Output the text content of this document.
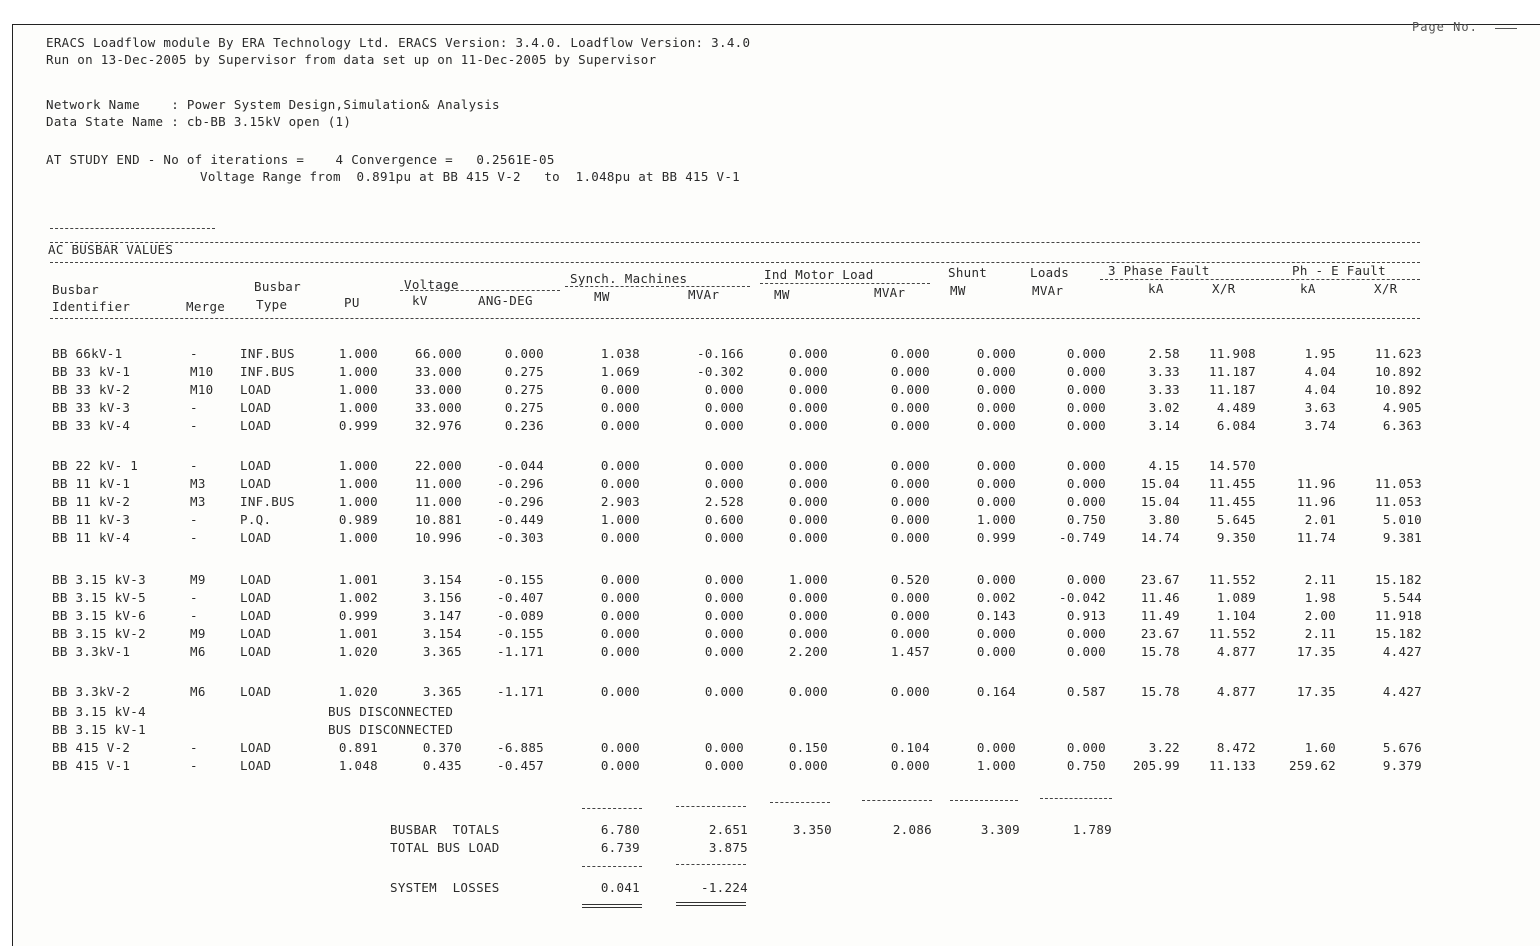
Page No.
ERACS Loadflow module By ERA Technology Ltd. ERACS Version: 3.4.0. Loadflow Version: 3.4.0
Run on 13-Dec-2005 by Supervisor from data set up on 11-Dec-2005 by Supervisor
Network Name    : Power System Design,Simulation& Analysis
Data State Name : cb-BB 3.15kV open (1)
AT STUDY END - No of iterations =    4 Convergence =   0.2561E-05
Voltage Range from  0.891pu at BB 415 V-2   to  1.048pu at BB 415 V-1
AC BUSBAR VALUES
Busbar
Identifier	Merge
Busbar
Type	PU
Voltage
kV	ANG-DEG
Synch. Machines
MW	MVAr
Ind Motor Load
MW	MVAr
Shunt
MW
Loads
MVAr
3 Phase Fault
kA	X/R
Ph - E Fault
kA	X/R
BB 66kV-1	-	INF.BUS	1.000	66.000	0.000	1.038	-0.166	0.000	0.000	0.000	0.000	2.58	11.908	1.95	11.623
BB 33 kV-1	M10 INF.BUS	1.000	33.000	0.275	1.069	-0.302	0.000	0.000	0.000	0.000	3.33	11.187	4.04	10.892
BB 33 kV-2	M10 LOAD	1.000	33.000	0.275	0.000	0.000	0.000	0.000	0.000	0.000	3.33	11.187	4.04	10.892
BB 33 kV-3	-	LOAD	1.000	33.000	0.275	0.000	0.000	0.000	0.000	0.000	0.000	3.02	4.489	3.63	4.905
BB 33 kV-4	-	LOAD	0.999	32.976	0.236	0.000	0.000	0.000	0.000	0.000	0.000	3.14	6.084	3.74	6.363
BB 22 kV- 1	-	LOAD	1.000	22.000	-0.044	0.000	0.000	0.000	0.000	0.000	0.000	4.15	14.570
BB 11 kV-1	M3	LOAD	1.000	11.000	-0.296	0.000	0.000	0.000	0.000	0.000	0.000	15.04	11.455	11.96	11.053
BB 11 kV-2	M3	INF.BUS	1.000	11.000	-0.296	2.903	2.528	0.000	0.000	0.000	0.000	15.04	11.455	11.96	11.053
BB 11 kV-3	-	P.Q.	0.989	10.881	-0.449	1.000	0.600	0.000	0.000	1.000	0.750	3.80	5.645	2.01	5.010
BB 11 kV-4	-	LOAD	1.000	10.996	-0.303	0.000	0.000	0.000	0.000	0.999	-0.749	14.74	9.350	11.74	9.381
BB 3.15 kV-3	M9	LOAD	1.001	3.154	-0.155	0.000	0.000	1.000	0.520	0.000	0.000	23.67	11.552	2.11	15.182
BB 3.15 kV-5	-	LOAD	1.002	3.156	-0.407	0.000	0.000	0.000	0.000	0.002	-0.042	11.46	1.089	1.98	5.544
BB 3.15 kV-6	-	LOAD	0.999	3.147	-0.089	0.000	0.000	0.000	0.000	0.143	0.913	11.49	1.104	2.00	11.918
BB 3.15 kV-2	M9	LOAD	1.001	3.154	-0.155	0.000	0.000	0.000	0.000	0.000	0.000	23.67	11.552	2.11	15.182
BB 3.3kV-1	M6	LOAD	1.020	3.365	-1.171	0.000	0.000	2.200	1.457	0.000	0.000	15.78	4.877	17.35	4.427
BB 3.3kV-2	M6	LOAD	1.020	3.365	-1.171	0.000	0.000	0.000	0.000	0.164	0.587	15.78	4.877	17.35	4.427
BB 3.15 kV-4	BUS DISCONNECTED
BB 3.15 kV-1	BUS DISCONNECTED
BB 415 V-2	-	LOAD	0.891	0.370	-6.885	0.000	0.000	0.150	0.104	0.000	0.000	3.22	8.472	1.60	5.676
BB 415 V-1	-	LOAD	1.048	0.435	-0.457	0.000	0.000	0.000	0.000	1.000	0.750	205.99	11.133	259.62	9.379
BUSBAR  TOTALS	6.780	2.651	3.350	2.086	3.309	1.789
TOTAL BUS LOAD	6.739	3.875
SYSTEM  LOSSES	0.041	-1.224
